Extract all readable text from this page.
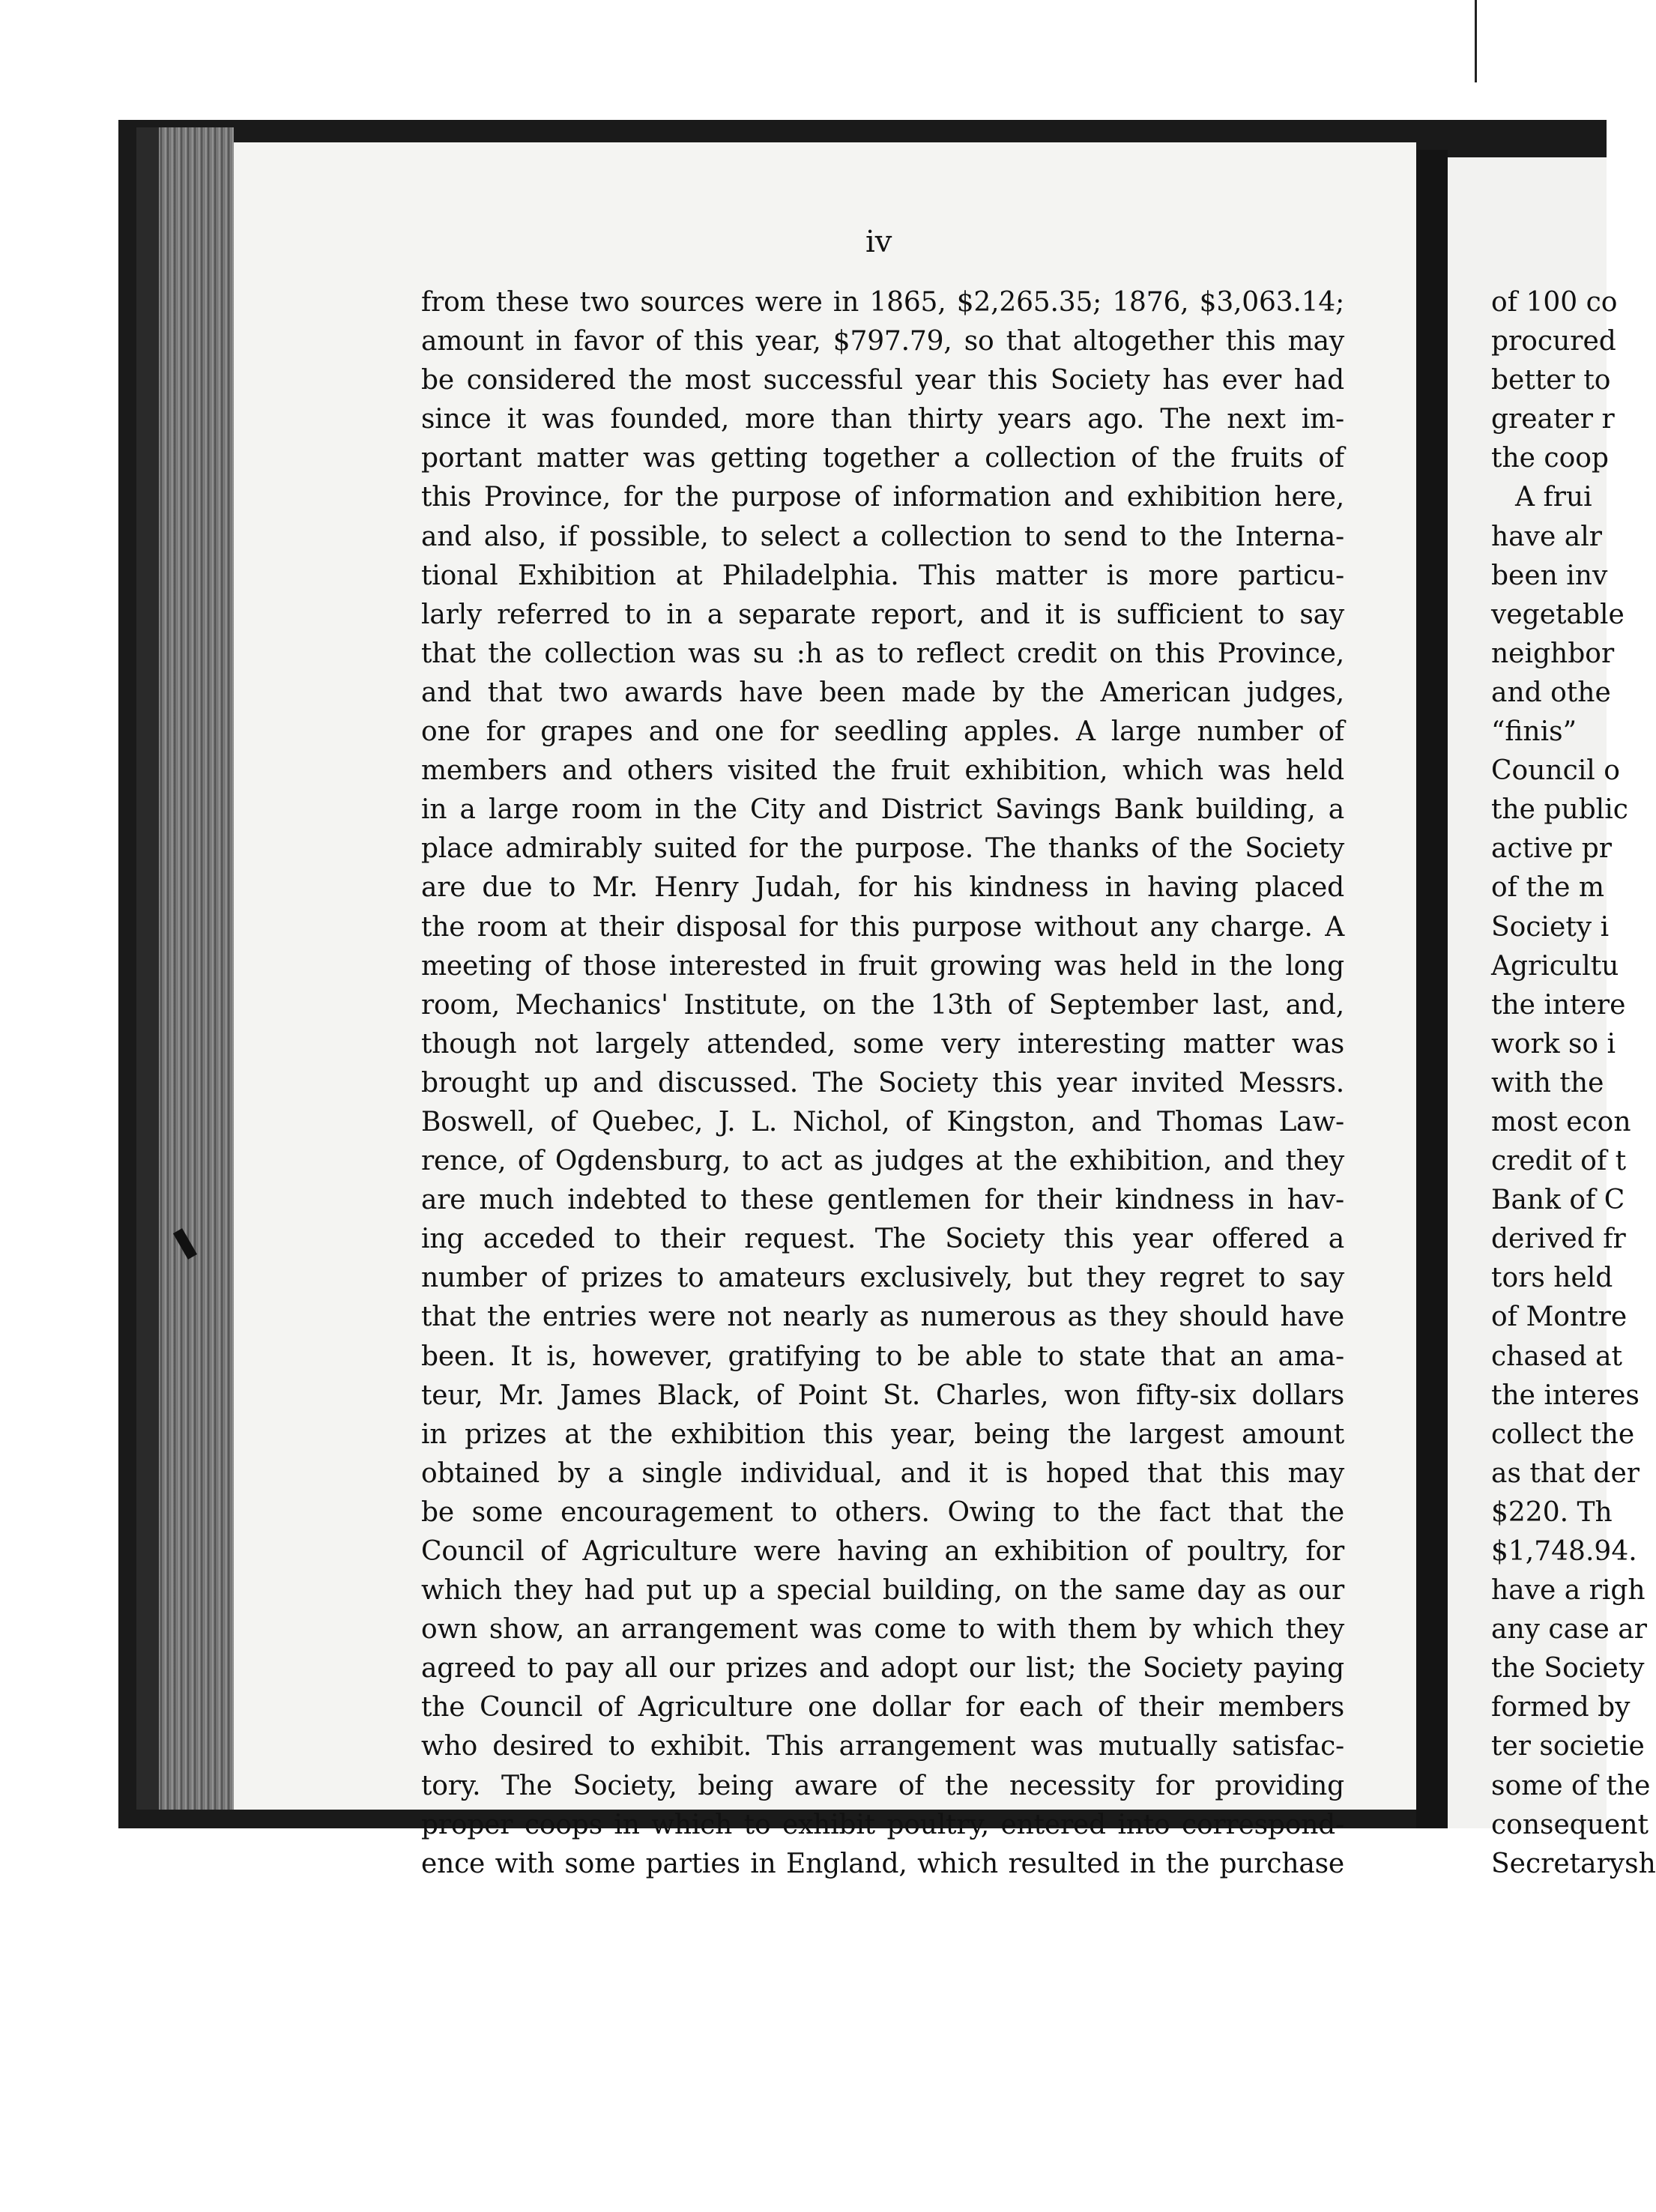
iv
from these two sources were in 1865, $2,265.35; 1876, $3,063.14;
amount in favor of this year, $797.79, so that altogether this may
be considered the most successful year this Society has ever had
since it was founded, more than thirty years ago. The next im-
portant matter was getting together a collection of the fruits of
this Province, for the purpose of information and exhibition here,
and also, if possible, to select a collection to send to the Interna-
tional Exhibition at Philadelphia. This matter is more particu-
larly referred to in a separate report, and it is sufficient to say
that the collection was su :h as to reflect credit on this Province,
and that two awards have been made by the American judges,
one for grapes and one for seedling apples. A large number of
members and others visited the fruit exhibition, which was held
in a large room in the City and District Savings Bank building, a
place admirably suited for the purpose. The thanks of the Society
are due to Mr. Henry Judah, for his kindness in having placed
the room at their disposal for this purpose without any charge. A
meeting of those interested in fruit growing was held in the long
room, Mechanics' Institute, on the 13th of September last, and,
though not largely attended, some very interesting matter was
brought up and discussed. The Society this year invited Messrs.
Boswell, of Quebec, J. L. Nichol, of Kingston, and Thomas Law-
rence, of Ogdensburg, to act as judges at the exhibition, and they
are much indebted to these gentlemen for their kindness in hav-
ing acceded to their request. The Society this year offered a
number of prizes to amateurs exclusively, but they regret to say
that the entries were not nearly as numerous as they should have
been. It is, however, gratifying to be able to state that an ama-
teur, Mr. James Black, of Point St. Charles, won fifty-six dollars
in prizes at the exhibition this year, being the largest amount
obtained by a single individual, and it is hoped that this may
be some encouragement to others. Owing to the fact that the
Council of Agriculture were having an exhibition of poultry, for
which they had put up a special building, on the same day as our
own show, an arrangement was come to with them by which they
agreed to pay all our prizes and adopt our list; the Society paying
the Council of Agriculture one dollar for each of their members
who desired to exhibit. This arrangement was mutually satisfac-
tory. The Society, being aware of the necessity for providing
proper coops in which to exhibit poultry, entered into correspond-
ence with some parties in England, which resulted in the purchase
of 100 co
procured
better to
greater r
the coop
A frui
have alr
been inv
vegetable
neighbor
and othe
“finis”
Council o
the public
active pr
of the m
Society i
Agricultu
the intere
work so i
with the
most econ
credit of t
Bank of C
derived fr
tors held
of Montre
chased at
the interes
collect the
as that der
$220. Th
$1,748.94.
have a righ
any case ar
the Society
formed by
ter societie
some of the
consequent
Secretarysh
